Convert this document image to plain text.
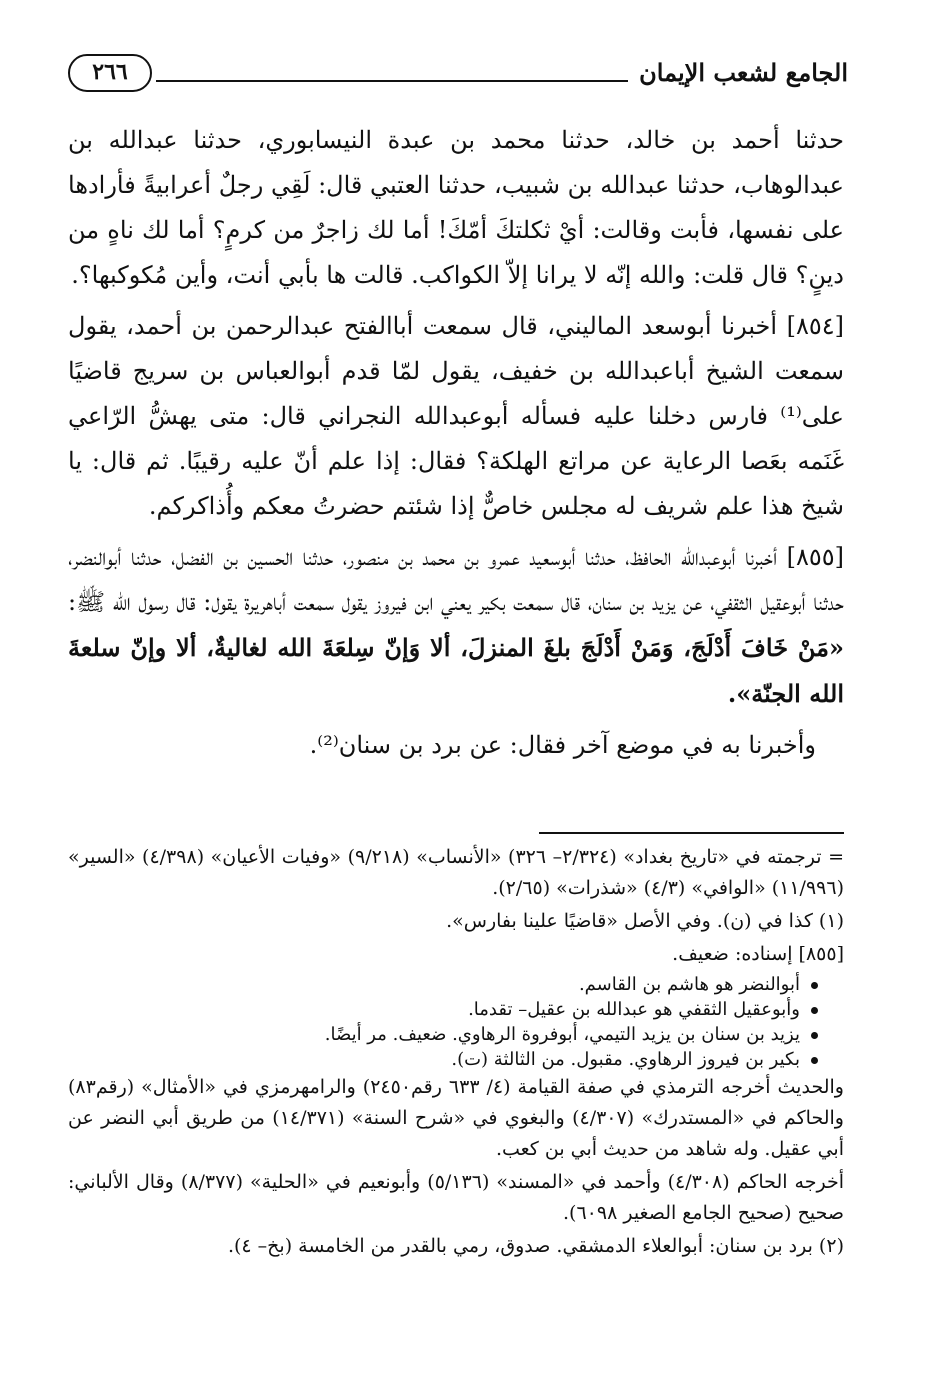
الجامع لشعب الإيمان
٢٦٦

حدثنا أحمد بن خالد، حدثنا محمد بن عبدة النيسابوري، حدثنا عبدالله بن عبدالوهاب، حدثنا عبدالله بن شبيب، حدثنا العتبي قال: لَقِي رجلٌ أعرابيةً فأرادها على نفسها، فأبت وقالت: أيْ ثكلتكَ أمّكَ! أما لك زاجرٌ من كرمٍ؟ أما لك ناهٍ من دينٍ؟ قال قلت: والله إنّه لا يرانا إلاّ الكواكب. قالت ها بأبي أنت، وأين مُكوكبها؟.

[٨٥٤] أخبرنا أبوسعد الماليني، قال سمعت أباالفتح عبدالرحمن بن أحمد، يقول سمعت الشيخ أباعبدالله بن خفيف، يقول لمّا قدم أبوالعباس بن سريج قاضيًا على⁽¹⁾ فارس دخلنا عليه فسأله أبوعبدالله النجراني قال: متى يهشُّ الرّاعي غَنَمه بعَصا الرعاية عن مراتع الهلكة؟ فقال: إذا علم أنّ عليه رقيبًا. ثم قال: يا شيخ هذا علم شريف له مجلس خاصٌّ إذا شئتم حضرتُ معكم وأُذاكركم.

[٨٥٥] أخبرنا أبوعبدالله الحافظ، حدثنا أبوسعيد عمرو بن محمد بن منصور، حدثنا الحسين بن الفضل، حدثنا أبوالنضر، حدثنا أبوعقيل الثقفي، عن يزيد بن سنان، قال سمعت بكير يعني ابن فيروز يقول سمعت أباهريرة يقول: قال رسول الله ﷺ: «مَنْ خَافَ أَدْلَجَ، وَمَنْ أَدْلَجَ بلغَ المنزلَ، ألا وَإنّ سِلعَةَ الله لغاليةٌ، ألا وإنّ سلعةَ الله الجنّة».

وأخبرنا به في موضع آخر فقال: عن برد بن سنان⁽²⁾.

= ترجمته في «تاريخ بغداد» (٢/٣٢٤– ٣٢٦) «الأنساب» (٩/٢١٨) «وفيات الأعيان» (٤/٣٩٨) «السير» (١١/٩٩٦) «الوافي» (٤/٣) «شذرات» (٢/٦٥).

(١) كذا في (ن). وفي الأصل «قاضيًا علينا بفارس».

[٨٥٥] إسناده: ضعيف.

أبوالنضر هو هاشم بن القاسم.
وأبوعقيل الثقفي هو عبدالله بن عقيل– تقدما.
يزيد بن سنان بن يزيد التيمي، أبوفروة الرهاوي. ضعيف. مر أيضًا.
بكير بن فيروز الرهاوي. مقبول. من الثالثة (ت).

والحديث أخرجه الترمذي في صفة القيامة (٤/ ٦٣٣ رقم٢٤٥٠) والرامهرمزي في «الأمثال» (رقم٨٣) والحاكم في «المستدرك» (٤/٣٠٧) والبغوي في «شرح السنة» (١٤/٣٧١) من طريق أبي النضر عن أبي عقيل. وله شاهد من حديث أبي بن كعب.

أخرجه الحاكم (٤/٣٠٨) وأحمد في «المسند» (٥/١٣٦) وأبونعيم في «الحلية» (٨/٣٧٧) وقال الألباني: صحيح (صحيح الجامع الصغير ٦٠٩٨).

(٢) برد بن سنان: أبوالعلاء الدمشقي. صدوق، رمي بالقدر من الخامسة (بخ– ٤).
